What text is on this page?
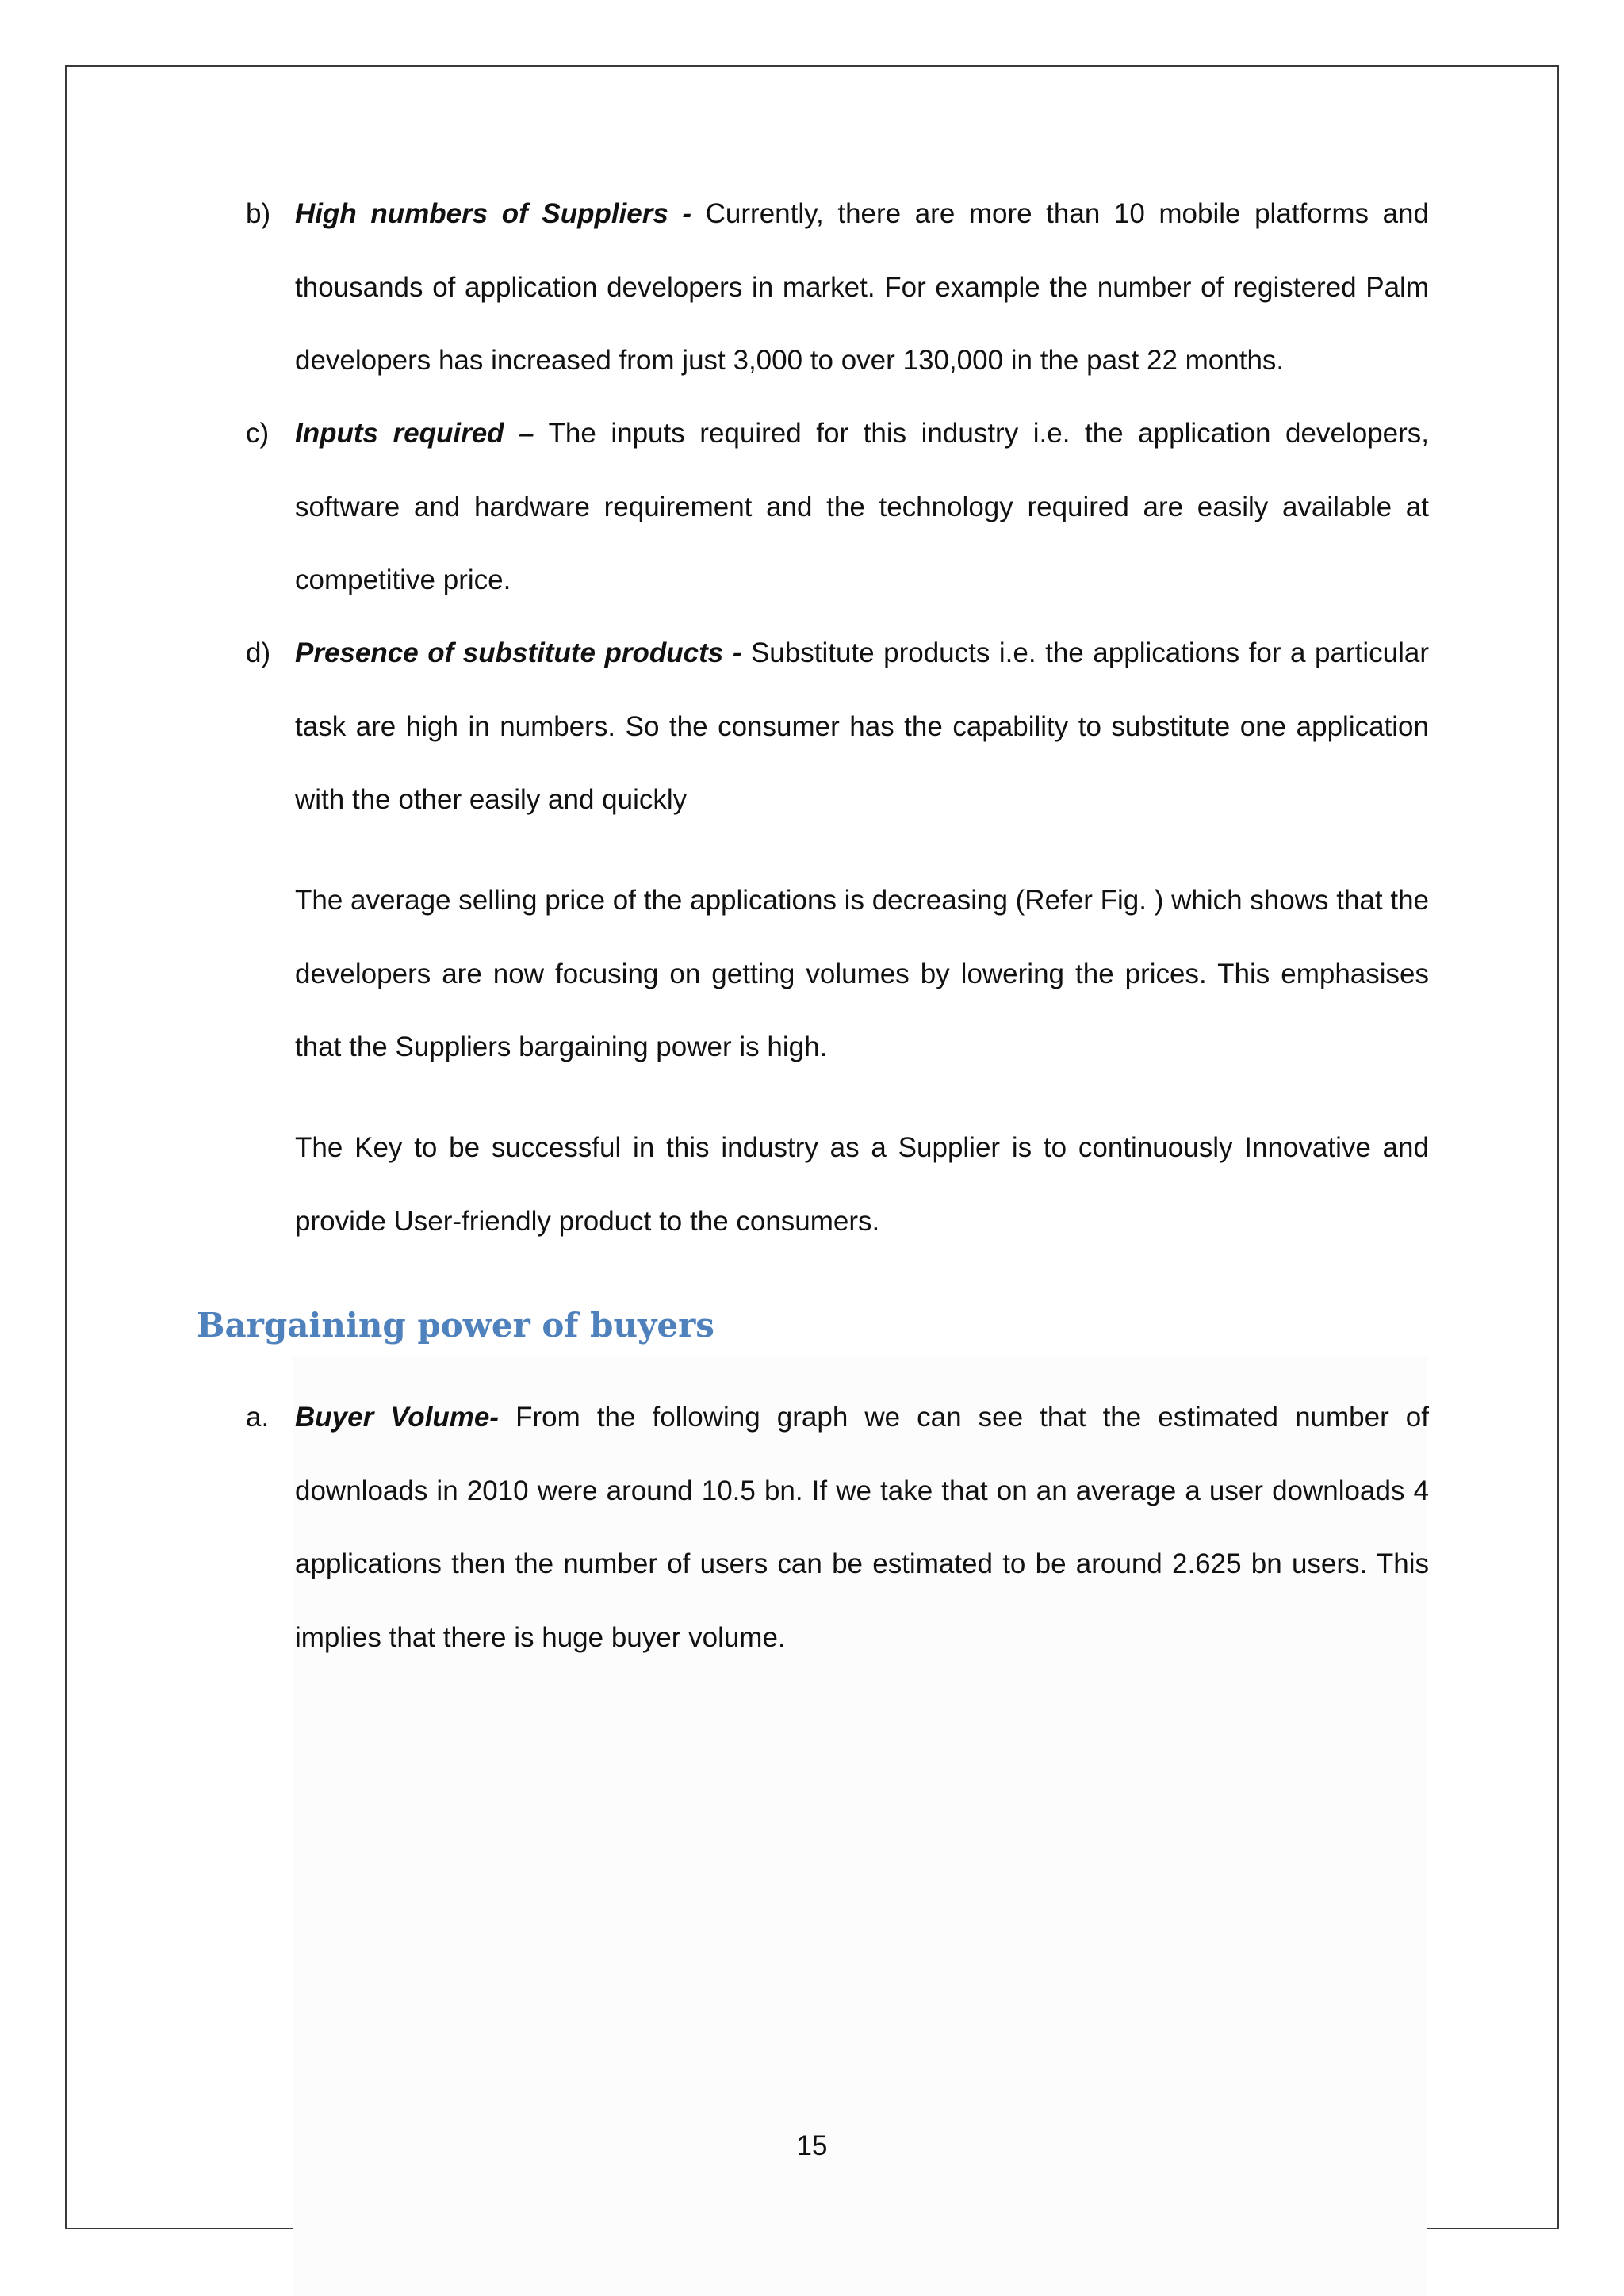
b) High numbers of Suppliers - Currently, there are more than 10 mobile platforms and thousands of application developers in market. For example the number of registered Palm developers has increased from just 3,000 to over 130,000 in the past 22 months.
c) Inputs required – The inputs required for this industry i.e. the application developers, software and hardware requirement and the technology required are easily available at competitive price.
d) Presence of substitute products - Substitute products i.e. the applications for a particular task are high in numbers. So the consumer has the capability to substitute one application with the other easily and quickly
The average selling price of the applications is decreasing (Refer Fig. ) which shows that the developers are now focusing on getting volumes by lowering the prices. This emphasises that the Suppliers bargaining power is high.
The Key to be successful in this industry as a Supplier is to continuously Innovative and provide User-friendly product to the consumers.
Bargaining power of buyers
a. Buyer Volume- From the following graph we can see that the estimated number of downloads in 2010 were around 10.5 bn. If we take that on an average a user downloads 4 applications then the number of users can be estimated to be around 2.625 bn users. This implies that there is huge buyer volume.
15
